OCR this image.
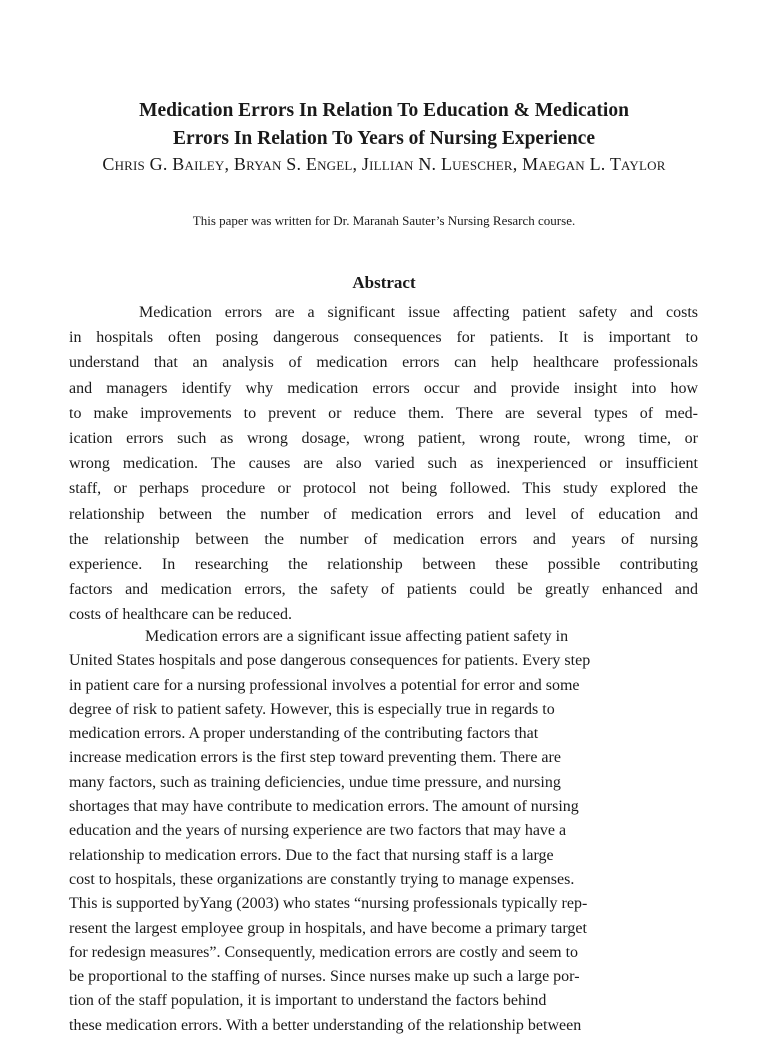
Medication Errors In Relation To Education & Medication
Errors In Relation To Years of Nursing Experience
Chris G. Bailey, Bryan S. Engel, Jillian N. Luescher, Maegan L. Taylor
This paper was written for Dr. Maranah Sauter’s Nursing Resarch course.
Abstract
Medication errors are a significant issue affecting patient safety and costs
in hospitals often posing dangerous consequences for patients. It is important to
understand that an analysis of medication errors can help healthcare professionals
and managers identify why medication errors occur and provide insight into how
to make improvements to prevent or reduce them. There are several types of med-
ication errors such as wrong dosage, wrong patient, wrong route, wrong time, or
wrong medication. The causes are also varied such as inexperienced or insufficient
staff, or perhaps procedure or protocol not being followed. This study explored the
relationship between the number of medication errors and level of education and
the relationship between the number of medication errors and years of nursing
experience. In researching the relationship between these possible contributing
factors and medication errors, the safety of patients could be greatly enhanced and
costs of healthcare can be reduced.
Medication errors are a significant issue affecting patient safety in
United States hospitals and pose dangerous consequences for patients. Every step
in patient care for a nursing professional involves a potential for error and some
degree of risk to patient safety. However, this is especially true in regards to
medication errors. A proper understanding of the contributing factors that
increase medication errors is the first step toward preventing them. There are
many factors, such as training deficiencies, undue time pressure, and nursing
shortages that may have contribute to medication errors. The amount of nursing
education and the years of nursing experience are two factors that may have a
relationship to medication errors. Due to the fact that nursing staff is a large
cost to hospitals, these organizations are constantly trying to manage expenses.
This is supported byYang (2003) who states “nursing professionals typically rep-
resent the largest employee group in hospitals, and have become a primary target
for redesign measures”. Consequently, medication errors are costly and seem to
be proportional to the staffing of nurses. Since nurses make up such a large por-
tion of the staff population, it is important to understand the factors behind
these medication errors. With a better understanding of the relationship between
